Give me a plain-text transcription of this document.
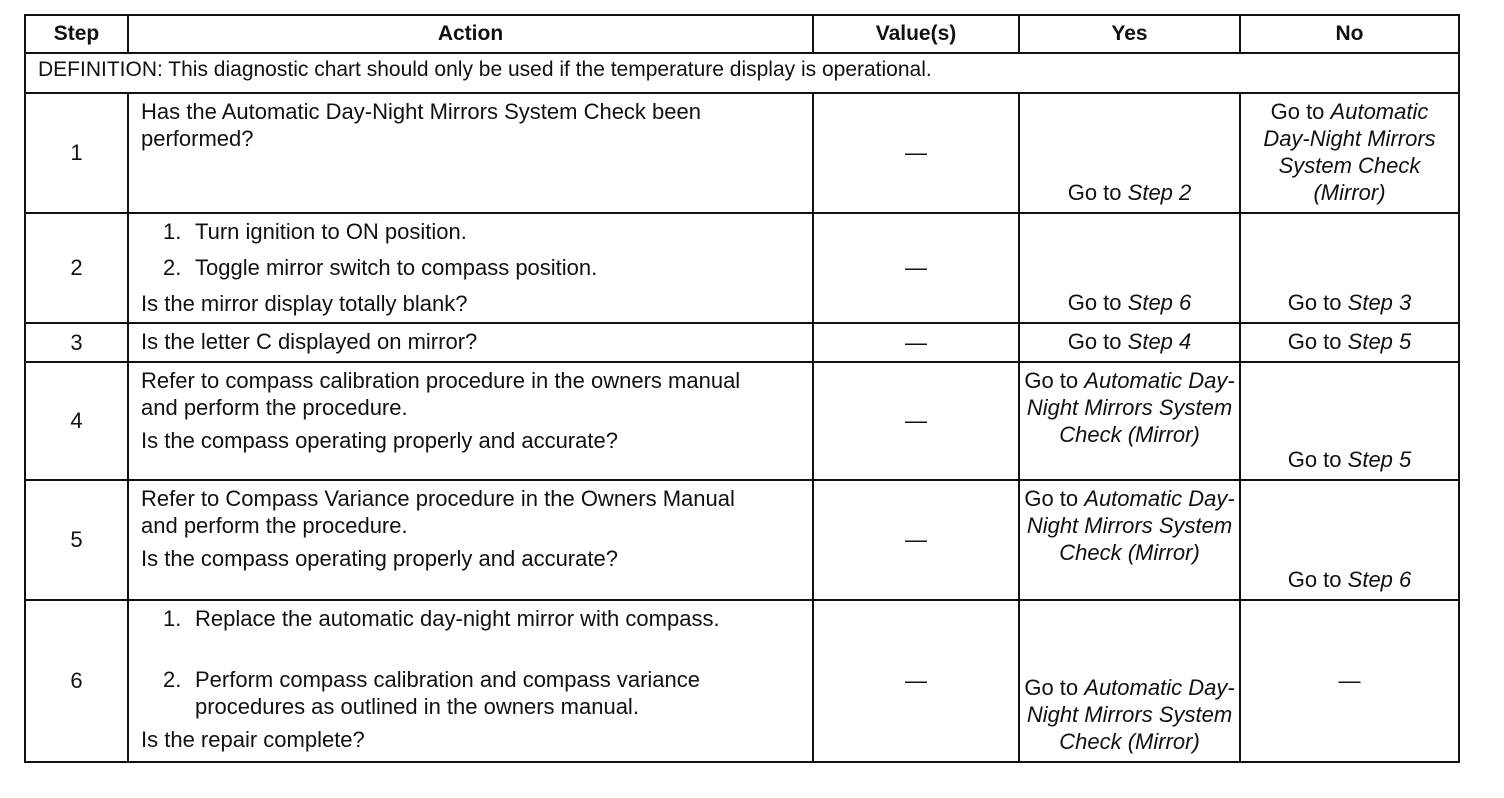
Step	Action	Value(s)	Yes	No
DEFINITION: This diagnostic chart should only be used if the temperature display is operational.				
1	Has the Automatic Day-Night Mirrors System Check been performed?	—	Go to Step 2	Go to Automatic Day-Night Mirrors System Check (Mirror)
2	1. Turn ignition to ON position.
2. Toggle mirror switch to compass position.
Is the mirror display totally blank?	—	Go to Step 6	Go to Step 3
3	Is the letter C displayed on mirror?	—	Go to Step 4	Go to Step 5
4	Refer to compass calibration procedure in the owners manual and perform the procedure.
Is the compass operating properly and accurate?	—	Go to Automatic Day-Night Mirrors System Check (Mirror)	Go to Step 5
5	Refer to Compass Variance procedure in the Owners Manual and perform the procedure.
Is the compass operating properly and accurate?	—	Go to Automatic Day-Night Mirrors System Check (Mirror)	Go to Step 6
6	1. Replace the automatic day-night mirror with compass.
2. Perform compass calibration and compass variance procedures as outlined in the owners manual.
Is the repair complete?	—	Go to Automatic Day-Night Mirrors System Check (Mirror)	—
